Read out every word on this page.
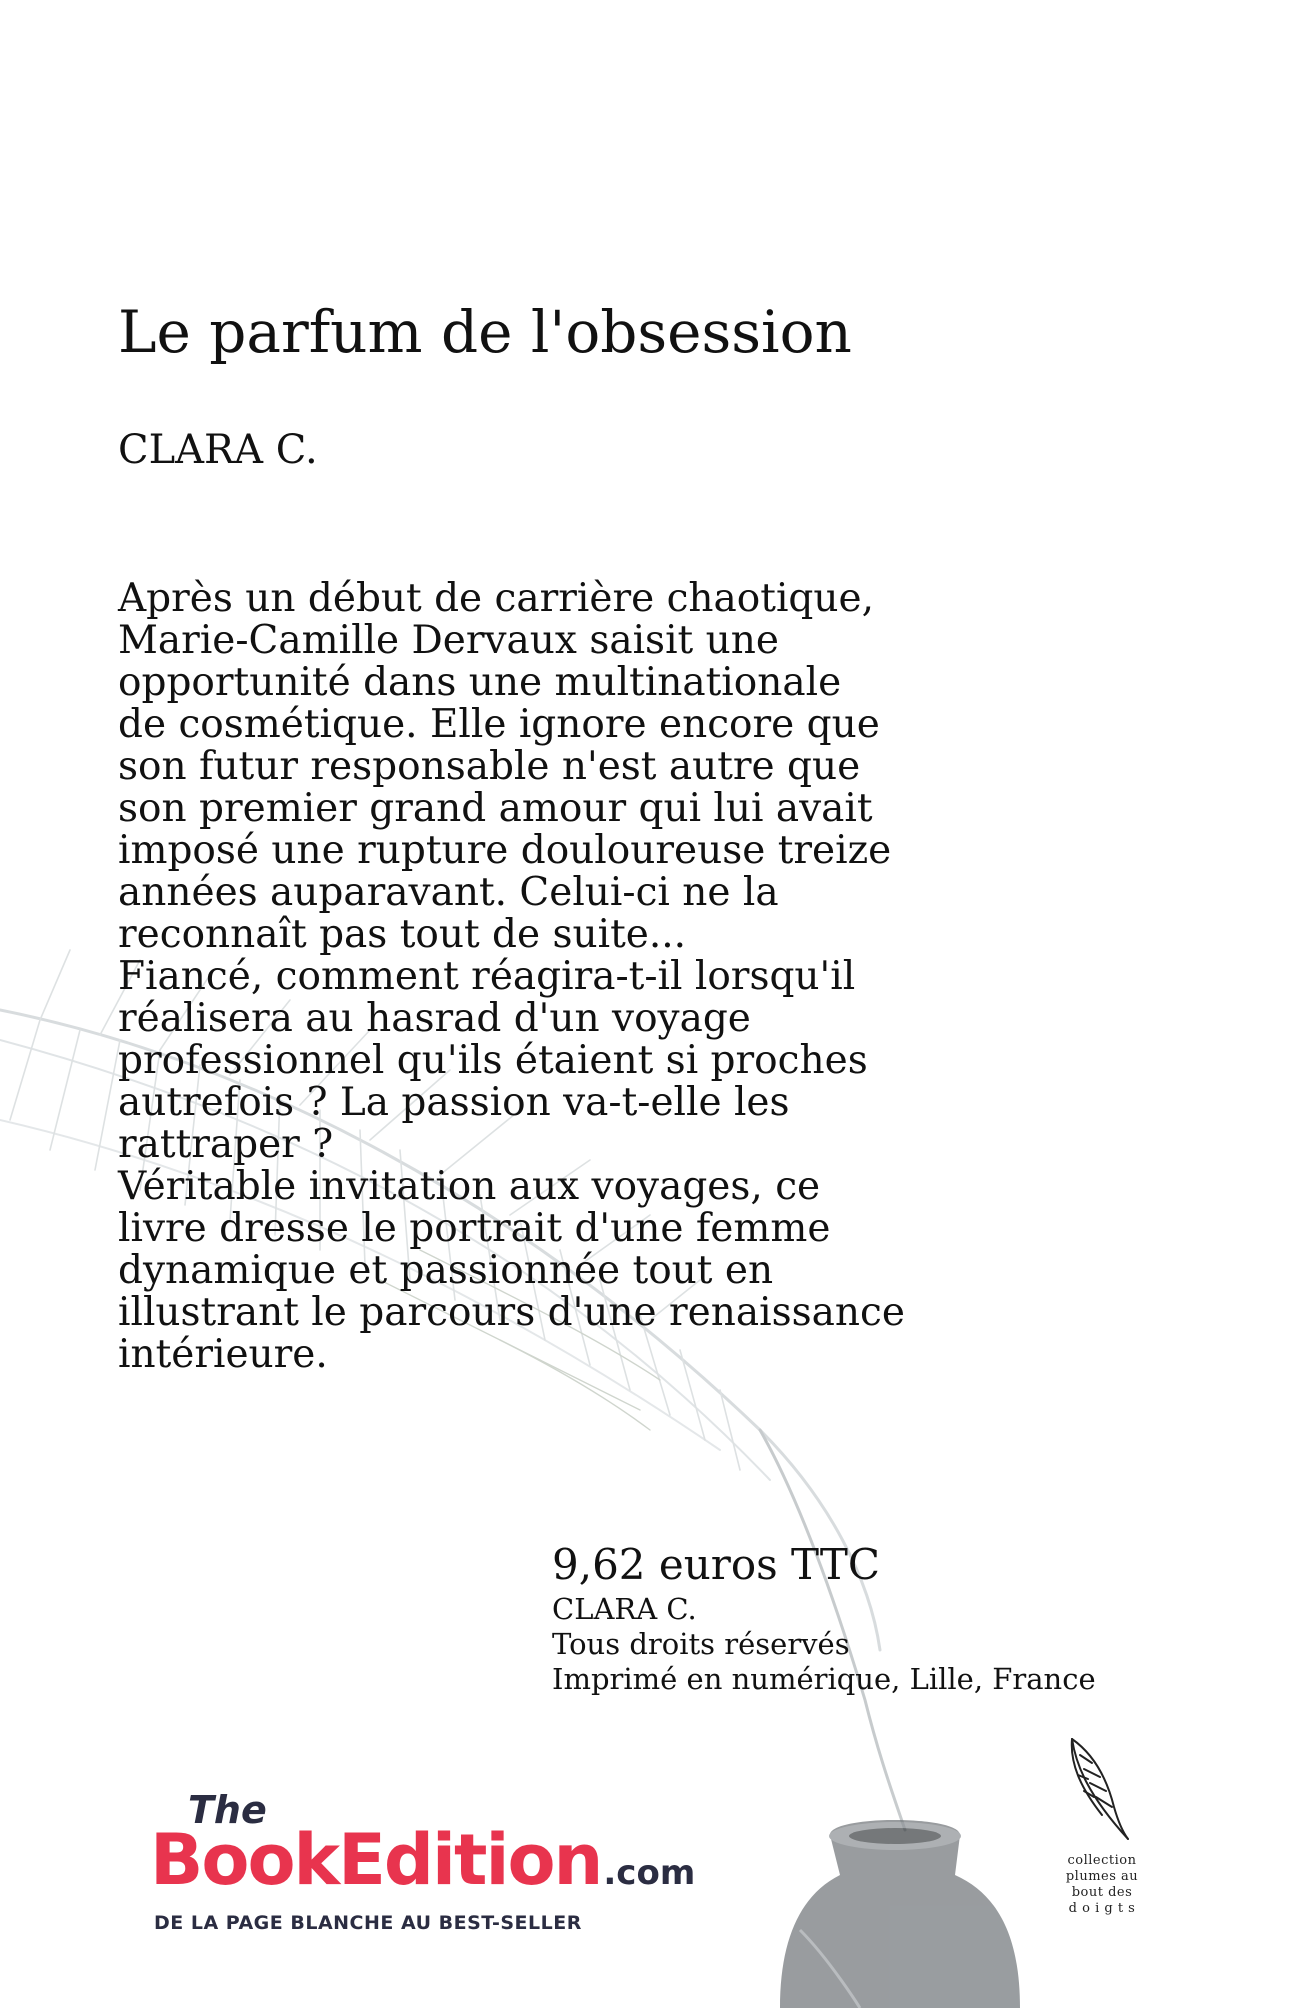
Le parfum de l'obsession
CLARA C.

Après un début de carrière chaotique,
Marie-Camille Dervaux saisit une
opportunité dans une multinationale
de cosmétique. Elle ignore encore que
son futur responsable n'est autre que
son premier grand amour qui lui avait
imposé une rupture douloureuse treize
années auparavant. Celui-ci ne la
reconnaît pas tout de suite...
Fiancé, comment réagira-t-il lorsqu'il
réalisera au hasrad d'un voyage
professionnel qu'ils étaient si proches
autrefois ? La passion va-t-elle les
rattraper ?
Véritable invitation aux voyages, ce
livre dresse le portrait d'une femme
dynamique et passionnée tout en
illustrant le parcours d'une renaissance
intérieure.

9,62 euros TTC
CLARA C.
Tous droits réservés
Imprimé en numérique, Lille, France
The
BookEdition.com
DE LA PAGE BLANCHE AU BEST-SELLER
collection
plumes au
bout des
d o i g t s
